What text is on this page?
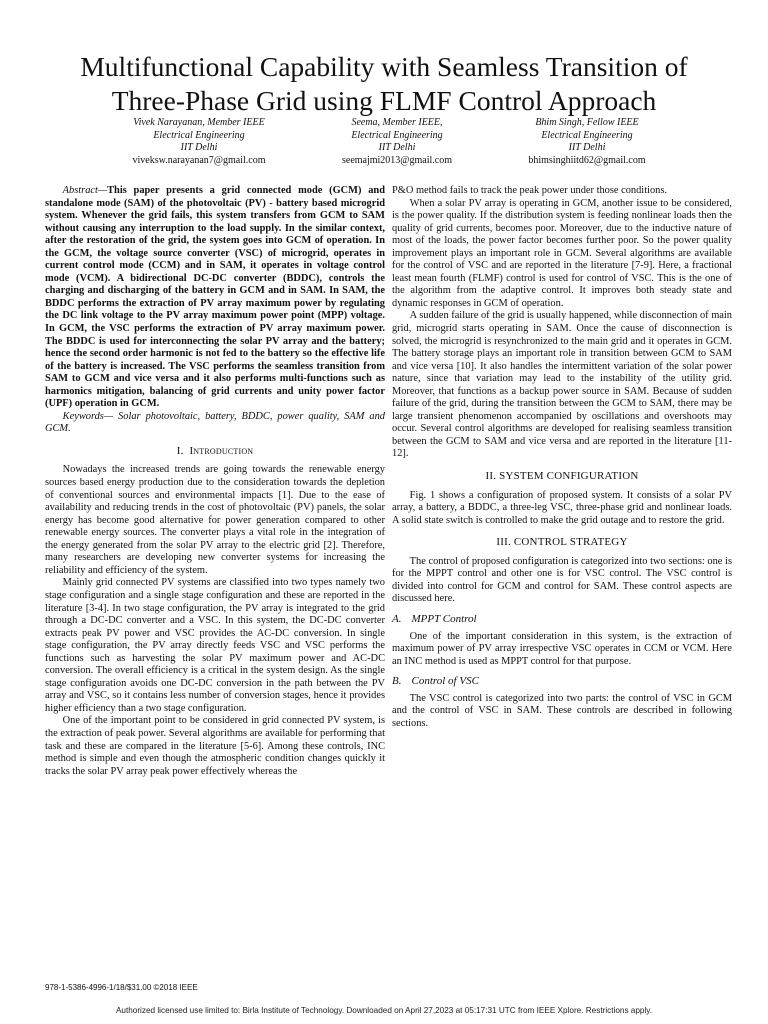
Multifunctional Capability with Seamless Transition of
Three-Phase Grid using FLMF Control Approach
Vivek Narayanan, Member IEEE
Electrical Engineering
IIT Delhi
viveksw.narayanan7@gmail.com
Seema, Member IEEE,
Electrical Engineering
IIT Delhi
seemajmi2013@gmail.com
Bhim Singh, Fellow IEEE
Electrical Engineering
IIT Delhi
bhimsinghiitd62@gmail.com

Abstract—This paper presents a grid connected mode (GCM) and standalone mode (SAM) of the photovoltaic (PV) - battery based microgrid system. Whenever the grid fails, this system transfers from GCM to SAM without causing any interruption to the load supply. In the similar context, after the restoration of the grid, the system goes into GCM of operation. In the GCM, the voltage source converter (VSC) of microgrid, operates in current control mode (CCM) and in SAM, it operates in voltage control mode (VCM). A bidirectional DC-DC converter (BDDC), controls the charging and discharging of the battery in GCM and in SAM. In SAM, the BDDC performs the extraction of PV array maximum power by regulating the DC link voltage to the PV array maximum power point (MPP) voltage. In GCM, the VSC performs the extraction of PV array maximum power. The BDDC is used for interconnecting the solar PV array and the battery; hence the second order harmonic is not fed to the battery so the effective life of the battery is increased. The VSC performs the seamless transition from SAM to GCM and vice versa and it also performs multi-functions such as harmonics mitigation, balancing of grid currents and unity power factor (UPF) operation in GCM.

Keywords— Solar photovoltaic, battery, BDDC, power quality, SAM and GCM.

I. Introduction

Nowadays the increased trends are going towards the renewable energy sources based energy production due to the consideration towards the depletion of conventional sources and environmental impacts [1]. Due to the ease of availability and reducing trends in the cost of photovoltaic (PV) panels, the solar energy has become good alternative for power generation compared to other renewable energy sources. The converter plays a vital role in the integration of the energy generated from the solar PV array to the electric grid [2]. Therefore, many researchers are developing new converter systems for increasing the reliability and efficiency of the system.

Mainly grid connected PV systems are classified into two types namely two stage configuration and a single stage configuration and these are reported in the literature [3-4]. In two stage configuration, the PV array is integrated to the grid through a DC-DC converter and a VSC. In this system, the DC-DC converter extracts peak PV power and VSC provides the AC-DC conversion. In single stage configuration, the PV array directly feeds VSC and VSC performs the functions such as harvesting the solar PV maximum power and AC-DC conversion. The overall efficiency is a critical in the system design. As the single stage configuration avoids one DC-DC conversion in the path between the PV array and VSC, so it contains less number of conversion stages, hence it provides higher efficiency than a two stage configuration.

One of the important point to be considered in grid connected PV system, is the extraction of peak power. Several algorithms are available for performing that task and these are compared in the literature [5-6]. Among these controls, INC method is simple and even though the atmospheric condition changes quickly it tracks the solar PV array peak power effectively whereas the

P&O method fails to track the peak power under those conditions.

When a solar PV array is operating in GCM, another issue to be considered, is the power quality. If the distribution system is feeding nonlinear loads then the quality of grid currents, becomes poor. Moreover, due to the inductive nature of most of the loads, the power factor becomes further poor. So the power quality improvement plays an important role in GCM. Several algorithms are available for the control of VSC and are reported in the literature [7-9]. Here, a fractional least mean fourth (FLMF) control is used for control of VSC. This is the one of the algorithm from the adaptive control. It improves both steady state and dynamic responses in GCM of operation.

A sudden failure of the grid is usually happened, while disconnection of main grid, microgrid starts operating in SAM. Once the cause of disconnection is solved, the microgrid is resynchronized to the main grid and it operates in GCM. The battery storage plays an important role in transition between GCM to SAM and vice versa [10]. It also handles the intermittent variation of the solar power nature, since that variation may lead to the instability of the utility grid. Moreover, that functions as a backup power source in SAM. Because of sudden failure of the grid, during the transition between the GCM to SAM, there may be large transient phenomenon accompanied by oscillations and overshoots may occur. Several control algorithms are developed for realising seamless transition between the GCM to SAM and vice versa and are reported in the literature [11-12].

II. SYSTEM CONFIGURATION

Fig. 1 shows a configuration of proposed system. It consists of a solar PV array, a battery, a BDDC, a three-leg VSC, three-phase grid and nonlinear loads. A solid state switch is controlled to make the grid outage and to restore the grid.

III. CONTROL STRATEGY

The control of proposed configuration is categorized into two sections: one is for the MPPT control and other one is for VSC control. The VSC control is divided into control for GCM and control for SAM. These control aspects are discussed here.

A. MPPT Control

One of the important consideration in this system, is the extraction of maximum power of PV array irrespective VSC operates in CCM or VCM. Here an INC method is used as MPPT control for that purpose.

B. Control of VSC

The VSC control is categorized into two parts: the control of VSC in GCM and the control of VSC in SAM. These controls are described in following sections.

978-1-5386-4996-1/18/$31.00 ©2018 IEEE
Authorized licensed use limited to: Birla Institute of Technology. Downloaded on April 27,2023 at 05:17:31 UTC from IEEE Xplore. Restrictions apply.
